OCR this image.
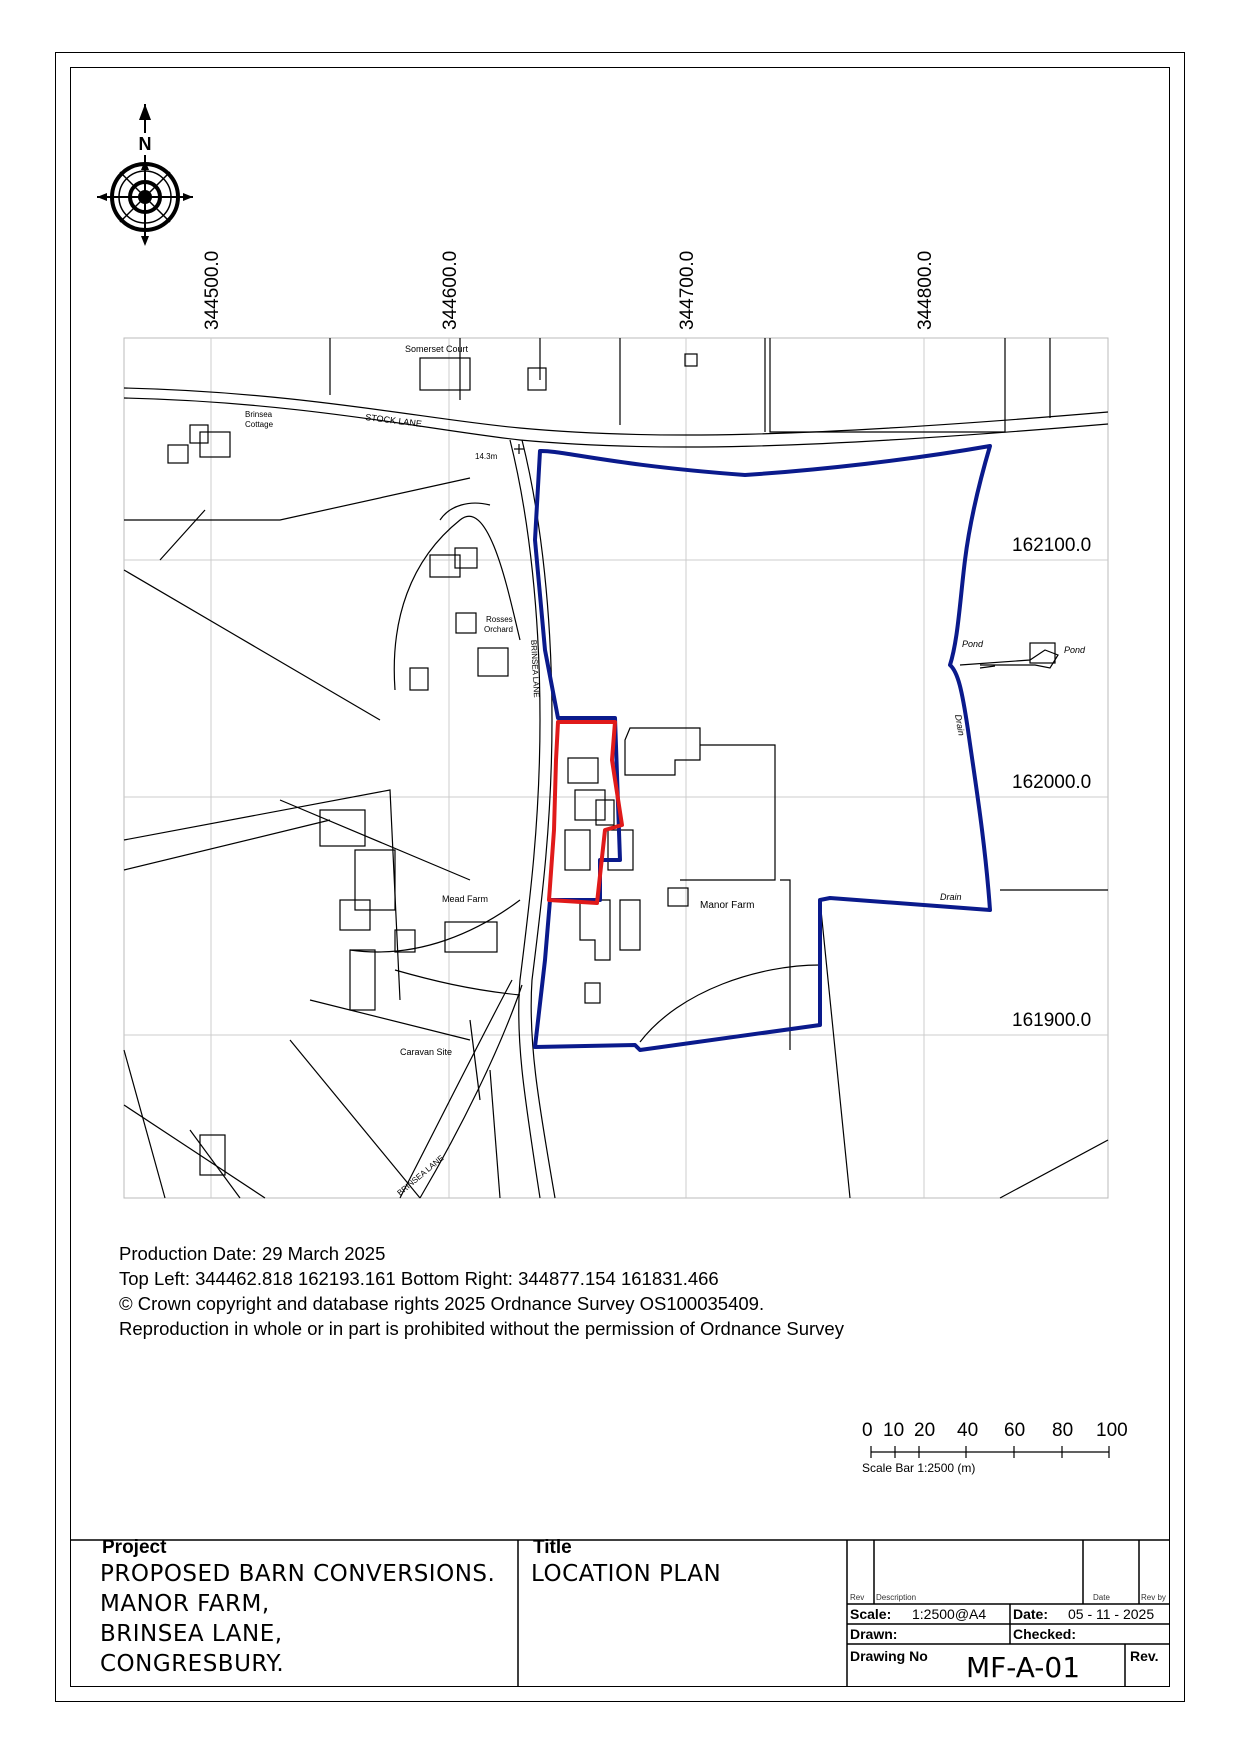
N
344500.0	344600.0	344700.0	344800.0
162100.0
162000.0
161900.0
Somerset Court
STOCK LANE
Brinsea
Cottage
14.3m
Rosses
Orchard
BRINSEA LANE
BRINSEA LANE
Pond
Pond
Drain
Drain
Mead Farm
Manor Farm
Caravan Site
Production Date: 29 March 2025
Top Left: 344462.818 162193.161 Bottom Right: 344877.154 161831.466
© Crown copyright and database rights 2025 Ordnance Survey OS100035409.
Reproduction in whole or in part is prohibited without the permission of Ordnance Survey
0 10 20 40 60 80 100
Scale Bar 1:2500 (m)
Project
PROPOSED BARN CONVERSIONS.
MANOR FARM,
BRINSEA LANE,
CONGRESBURY.
Title
LOCATION PLAN
Rev Description	Date	Rev by
Scale: 1:2500@A4 Date: 05 - 11 - 2025
Drawn:	Checked:
Drawing No MF-A-01	Rev.
